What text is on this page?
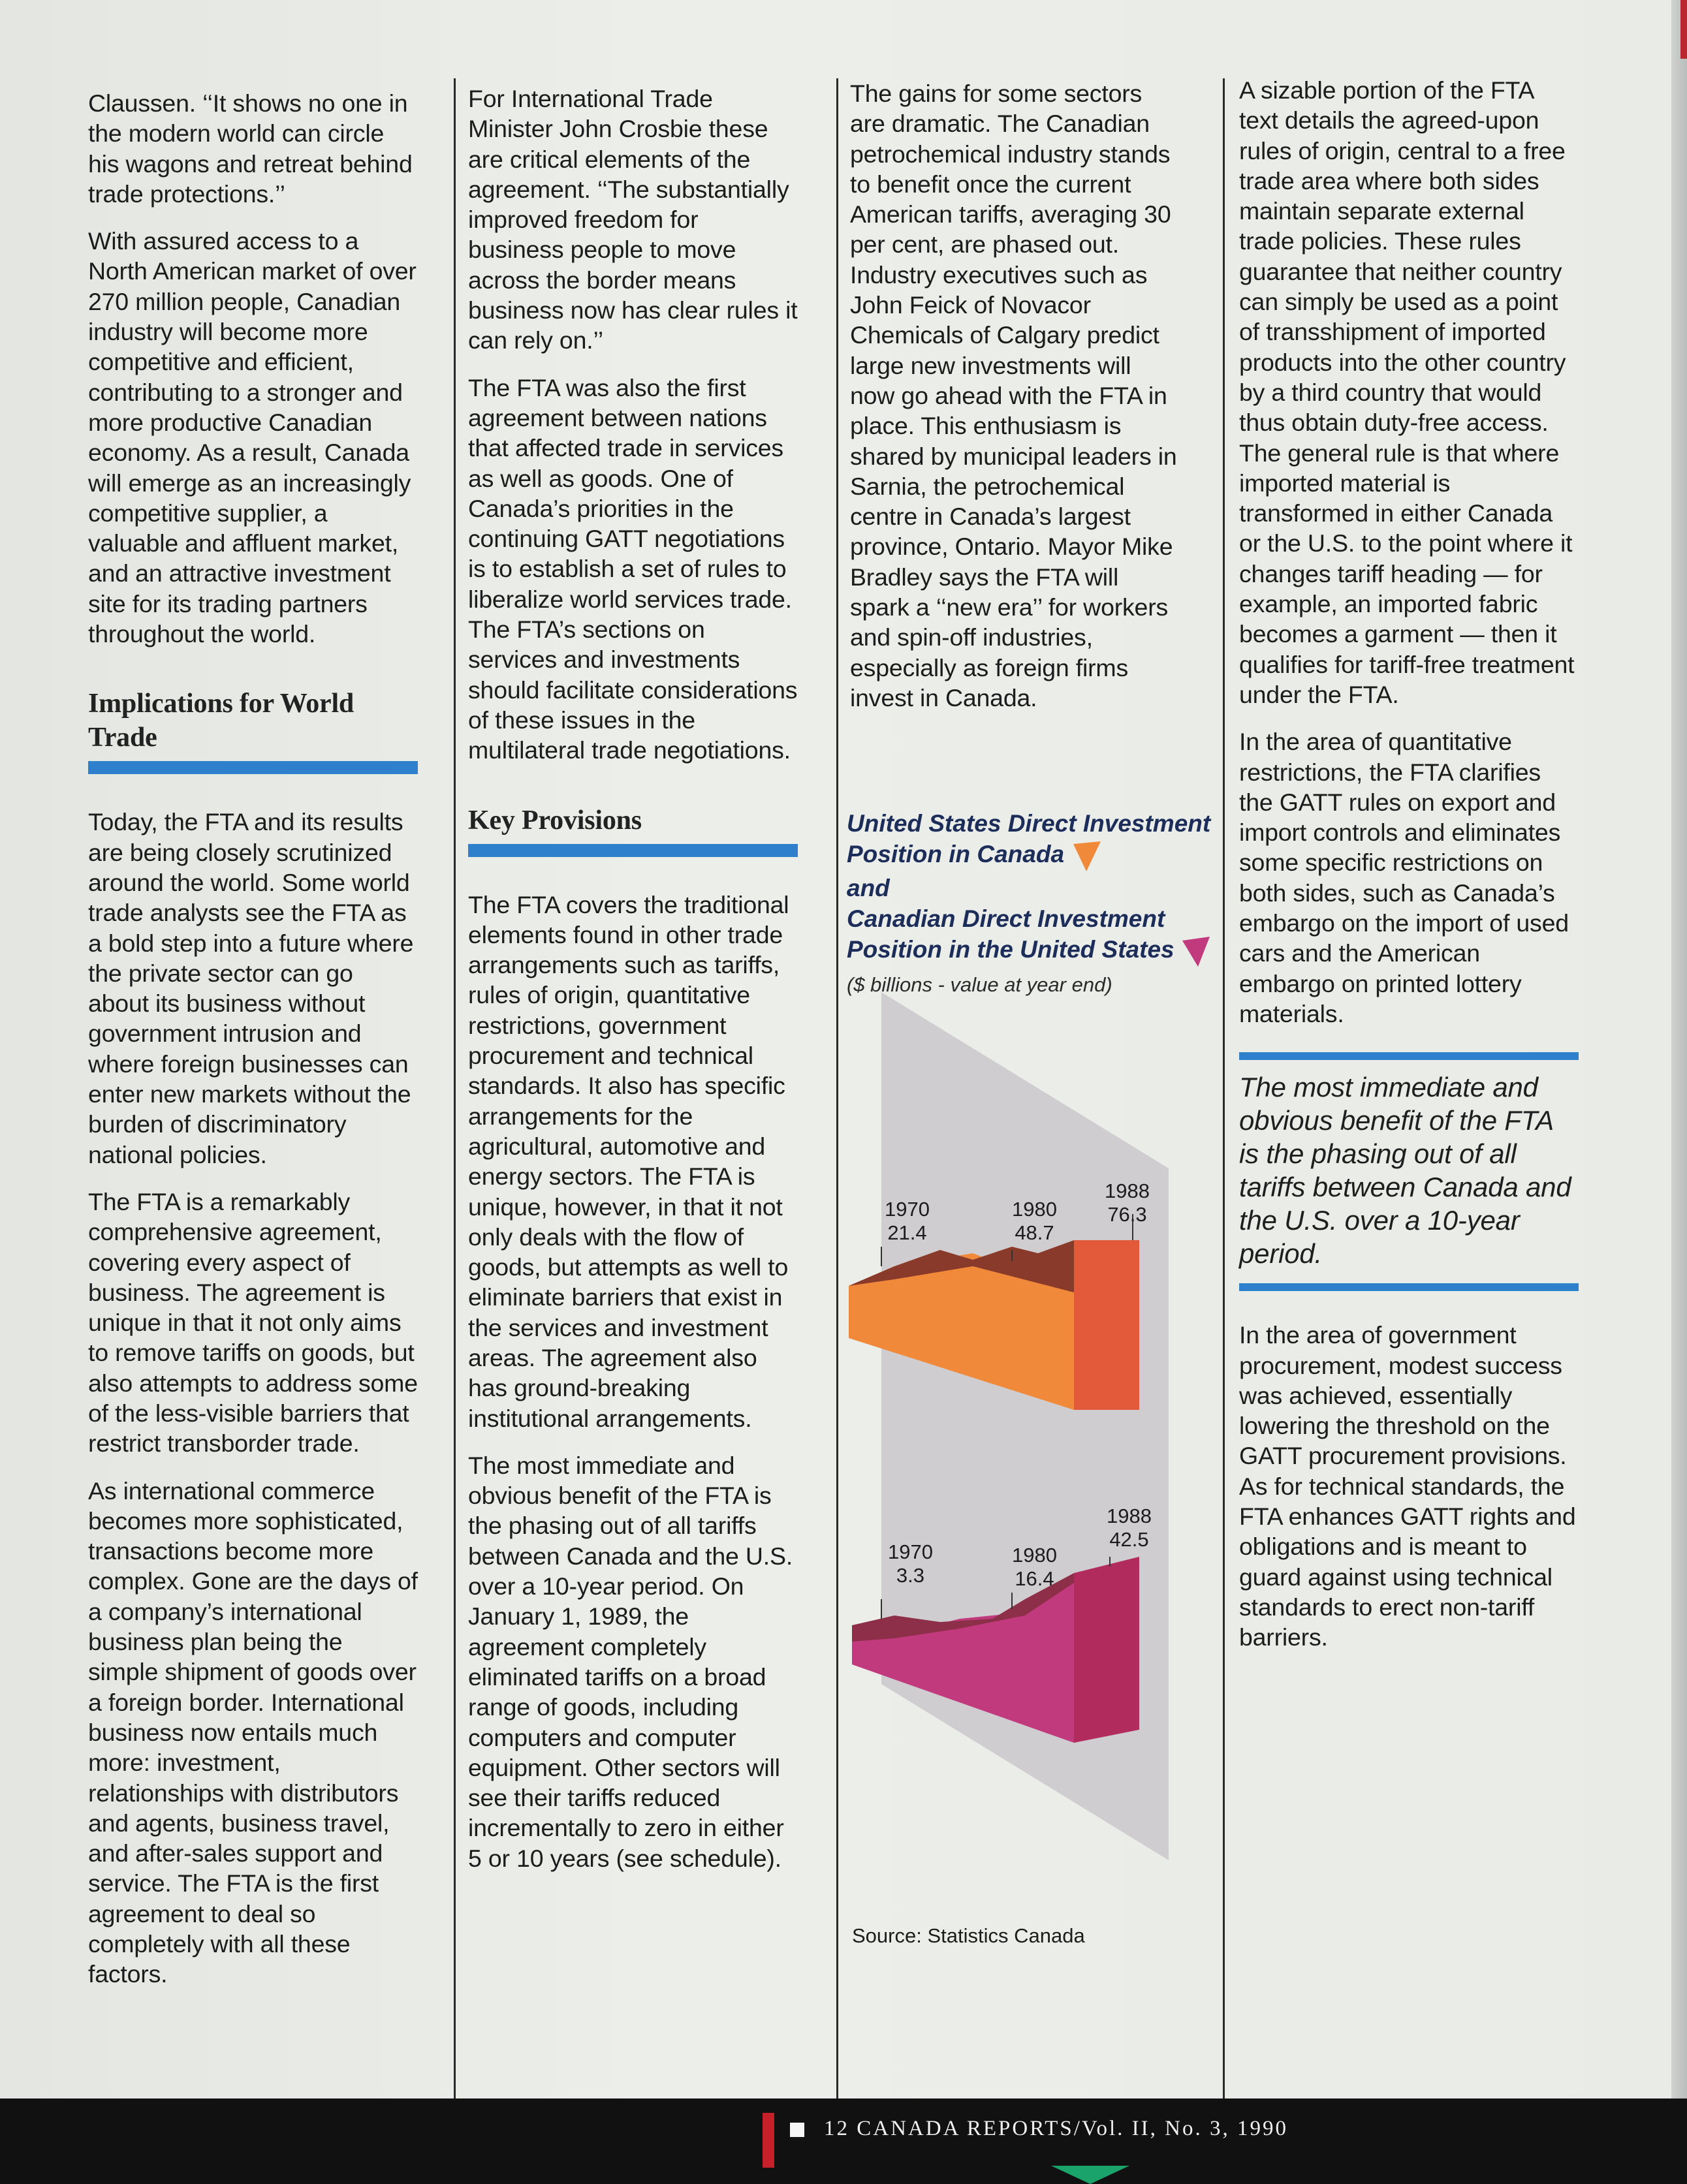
Claussen. ‘‘It shows no one in the modern world can circle his wagons and retreat behind trade protections.’’

With assured access to a North American market of over 270 million people, Canadian industry will become more competitive and efficient, contributing to a stronger and more productive Canadian economy. As a result, Canada will emerge as an increasingly competitive supplier, a valuable and affluent market, and an attractive investment site for its trading partners throughout the world.

Implications for World Trade

Today, the FTA and its results are being closely scrutinized around the world. Some world trade analysts see the FTA as a bold step into a future where the private sector can go about its business without government intrusion and where foreign businesses can enter new markets without the burden of discriminatory national policies.

The FTA is a remarkably comprehensive agreement, covering every aspect of business. The agreement is unique in that it not only aims to remove tariffs on goods, but also attempts to address some of the less-visible barriers that restrict transborder trade.

As international commerce becomes more sophisticated, transactions become more complex. Gone are the days of a company’s international business plan being the simple shipment of goods over a foreign border. International business now entails much more: investment, relationships with distributors and agents, business travel, and after-sales support and service. The FTA is the first agreement to deal so completely with all these factors.

For International Trade Minister John Crosbie these are critical elements of the agreement. ‘‘The substantially improved freedom for business people to move across the border means business now has clear rules it can rely on.’’

The FTA was also the first agreement between nations that affected trade in services as well as goods. One of Canada’s priorities in the continuing GATT negotiations is to establish a set of rules to liberalize world services trade. The FTA’s sections on services and investments should facilitate considerations of these issues in the multilateral trade negotiations.

Key Provisions

The FTA covers the traditional elements found in other trade arrangements such as tariffs, rules of origin, quantitative restrictions, government procurement and technical standards. It also has specific arrangements for the agricultural, automotive and energy sectors. The FTA is unique, however, in that it not only deals with the flow of goods, but attempts as well to eliminate barriers that exist in the services and investment areas. The agreement also has ground-breaking institutional arrangements.

The most immediate and obvious benefit of the FTA is the phasing out of all tariffs between Canada and the U.S. over a 10-year period. On January 1, 1989, the agreement completely eliminated tariffs on a broad range of goods, including computers and computer equipment. Other sectors will see their tariffs reduced incrementally to zero in either 5 or 10 years (see schedule).

The gains for some sectors are dramatic. The Canadian petrochemical industry stands to benefit once the current American tariffs, averaging 30 per cent, are phased out. Industry executives such as John Feick of Novacor Chemicals of Calgary predict large new investments will now go ahead with the FTA in place. This enthusiasm is shared by municipal leaders in Sarnia, the petrochemical centre in Canada’s largest province, Ontario. Mayor Mike Bradley says the FTA will spark a ‘‘new era’’ for workers and spin-off industries, especially as foreign firms invest in Canada.

United States Direct Investment
Position in Canada
and
Canadian Direct Investment
Position in the United States
($ billions - value at year end)
1970
21.4
1980
48.7
1988
76.3
1970
3.3
1980
16.4
1988
42.5
Source: Statistics Canada

A sizable portion of the FTA text details the agreed-upon rules of origin, central to a free trade area where both sides maintain separate external trade policies. These rules guarantee that neither country can simply be used as a point of transshipment of imported products into the other country by a third country that would thus obtain duty-free access. The general rule is that where imported material is transformed in either Canada or the U.S. to the point where it changes tariff heading — for example, an imported fabric becomes a garment — then it qualifies for tariff-free treatment under the FTA.

In the area of quantitative restrictions, the FTA clarifies the GATT rules on export and import controls and eliminates some specific restrictions on both sides, such as Canada’s embargo on the import of used cars and the American embargo on printed lottery materials.

The most immediate and obvious benefit of the FTA is the phasing out of all tariffs between Canada and the U.S. over a 10-year period.

In the area of government procurement, modest success was achieved, essentially lowering the threshold on the GATT procurement provisions. As for technical standards, the FTA enhances GATT rights and obligations and is meant to guard against using technical standards to erect non-tariff barriers.

12 CANADA REPORTS/Vol. II, No. 3, 1990
